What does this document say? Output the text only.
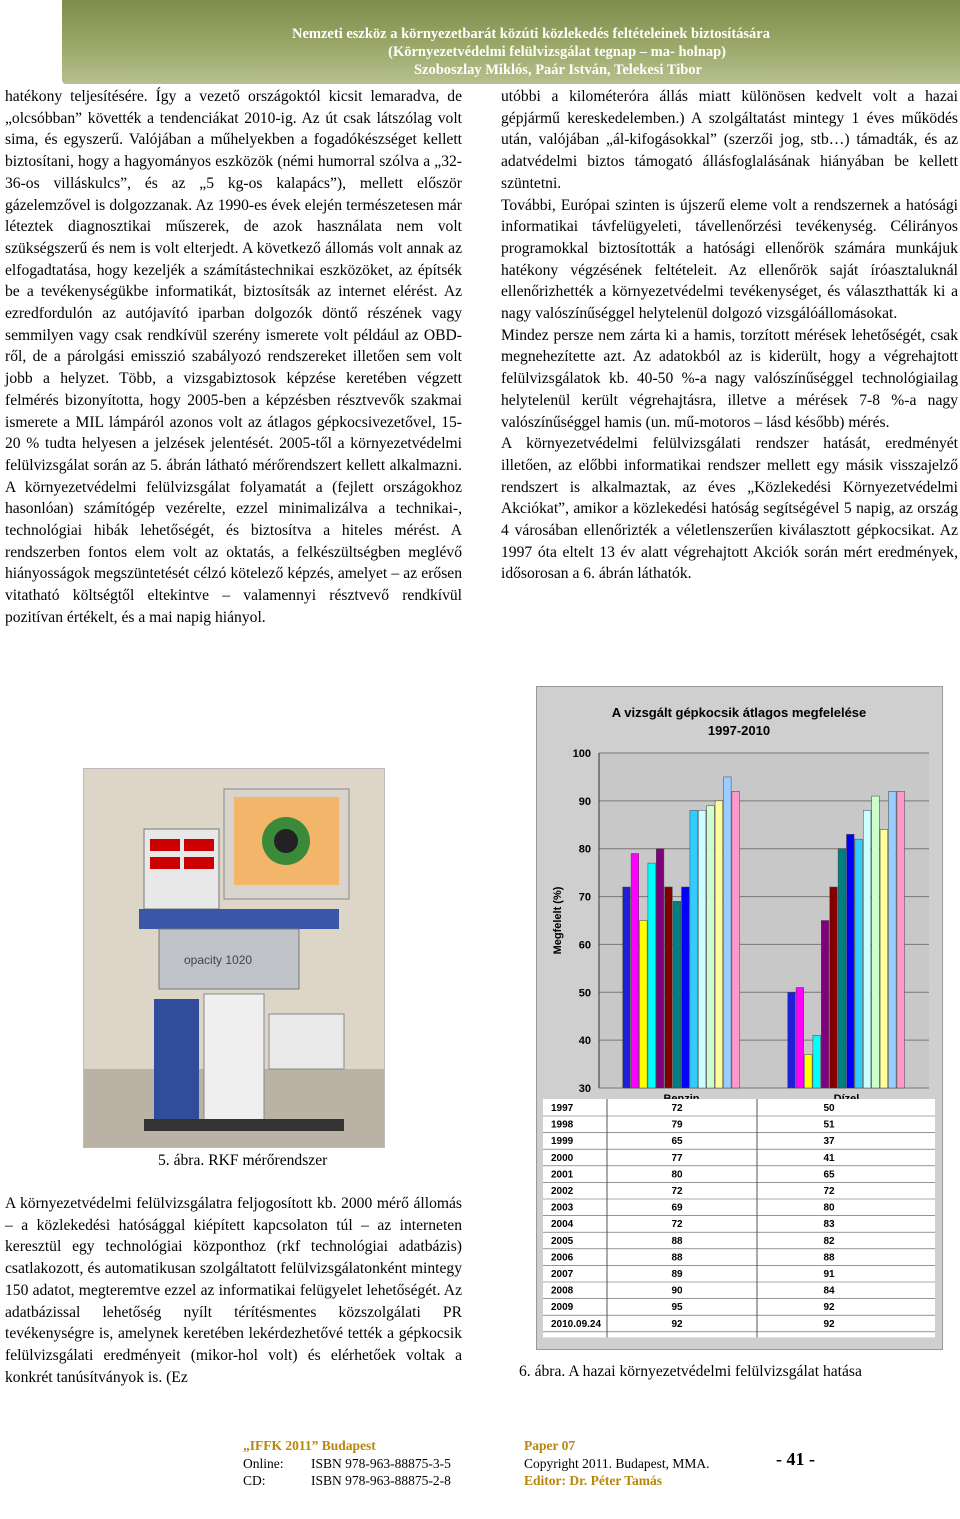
Nemzeti eszköz a környezetbarát közúti közlekedés feltételeinek biztosítására
(Környezetvédelmi felülvizsgálat tegnap – ma- holnap)
Szoboszlay Miklós, Paár István, Telekesi Tibor

hatékony teljesítésére. Így a vezető országoktól kicsit lemaradva, de „olcsóbban” követték a tendenciákat 2010-ig. Az út csak látszólag volt sima, és egyszerű. Valójában a műhelyekben a fogadókészséget kellett biztosítani, hogy a hagyományos eszközök (némi humorral szólva a „32-36-os villáskulcs”, és az „5 kg-os kalapács”), mellett először gázelemzővel is dolgozzanak. Az 1990-es évek elején természetesen már léteztek diagnosztikai műszerek, de azok használata nem volt szükségszerű és nem is volt elterjedt. A következő állomás volt annak az elfogadtatása, hogy kezeljék a számítástechnikai eszközöket, az építsék be a tevékenységükbe informatikát, biztosítsák az internet elérést. Az ezredfordulón az autójavító iparban dolgozók döntő részének vagy semmilyen vagy csak rendkívül szerény ismerete volt például az OBD-ről, de a párolgási emisszió szabályozó rendszereket illetően sem volt jobb a helyzet. Több, a vizsgabiztosok képzése keretében végzett felmérés bizonyította, hogy 2005-ben a képzésben résztvevők szakmai ismerete a MIL lámpáról azonos volt az átlagos gépkocsivezetővel, 15-20 % tudta helyesen a jelzések jelentését. 2005-től a környezetvédelmi felülvizsgálat során az 5. ábrán látható mérőrendszert kellett alkalmazni. A környezetvédelmi felülvizsgálat folyamatát a (fejlett országokhoz hasonlóan) számítógép vezérelte, ezzel minimalizálva a technikai-, technológiai hibák lehetőségét, és biztosítva a hiteles mérést. A rendszerben fontos elem volt az oktatás, a felkészültségben meglévő hiányosságok megszüntetését célzó kötelező képzés, amelyet – az erősen vitatható költségtől eltekintve – valamennyi résztvevő rendkívül pozitívan értékelt, és a mai napig hiányol.

opacity 1020
5. ábra. RKF mérőrendszer
A környezetvédelmi felülvizsgálatra feljogosított kb. 2000 mérő állomás – a közlekedési hatósággal kiépített kapcsolaton túl – az interneten keresztül egy technológiai központhoz (rkf technológiai adatbázis) csatlakozott, és automatikusan szolgáltatott felülvizsgálatonként mintegy 150 adatot, megteremtve ezzel az informatikai felügyelet lehetőségét. Az adatbázissal lehetőség nyílt térítésmentes közszolgálati PR tevékenységre is, amelynek keretében lekérdezhetővé tették a gépkocsik felülvizsgálati eredményeit (mikor-hol volt) és elérhetőek voltak a konkrét tanúsítványok is. (Ez

utóbbi a kilométeróra állás miatt különösen kedvelt volt a hazai gépjármű kereskedelemben.) A szolgáltatást mintegy 1 éves működés után, valójában „ál-kifogásokkal” (szerzői jog, stb…) támadták, és az adatvédelmi biztos támogató állásfoglalásának hiányában be kellett szüntetni.

További, Európai szinten is újszerű eleme volt a rendszernek a hatósági informatikai távfelügyeleti, távellenőrzési tevékenység. Célirányos programokkal biztosították a hatósági ellenőrök számára munkájuk hatékony végzésének feltételeit. Az ellenőrök saját íróasztaluknál ellenőrizhették a környezetvédelmi tevékenységet, és választhatták ki a nagy valószínűséggel helytelenül dolgozó vizsgálóállomásokat.

Mindez persze nem zárta ki a hamis, torzított mérések lehetőségét, csak megnehezítette azt. Az adatokból az is kiderült, hogy a végrehajtott felülvizsgálatok kb. 40-50 %-a nagy valószínűséggel technológiailag helytelenül került végrehajtásra, illetve a mérések 7-8 %-a nagy valószínűséggel hamis (un. mű-motoros – lásd később) mérés.

A környezetvédelmi felülvizsgálati rendszer hatását, eredményét illetően, az előbbi informatikai rendszer mellett egy másik visszajelző rendszert is alkalmaztak, az éves „Közlekedési Környezetvédelmi Akciókat”, amikor a közlekedési hatóság segítségével 5 napig, az ország 4 városában ellenőrizték a véletlenszerűen kiválasztott gépkocsikat. Az 1997 óta eltelt 13 év alatt végrehajtott Akciók során mért eredmények, idősorosan a 6. ábrán láthatók.

A vizsgált gépkocsik átlagos megfelelése
1997-2010
30
40
50
60
70
80
90
100
Megfelelt (%)
1997	72	50
1998	79	51
1999	65	37
2000	77	41
2001	80	65
2002	72	72
2003	69	80
2004	72	83
2005	88	82
2006	88	88
2007	89	91
2008	90	84
2009	95	92
2010.09.24	92	92
6. ábra. A hazai környezetvédelmi felülvizsgálat hatása
„IFFK 2011” Budapest
Online: ISBN 978-963-88875-3-5
CD:	ISBN 978-963-88875-2-8
Paper 07
Copyright 2011. Budapest, MMA.
Editor: Dr. Péter Tamás
- 41 -
